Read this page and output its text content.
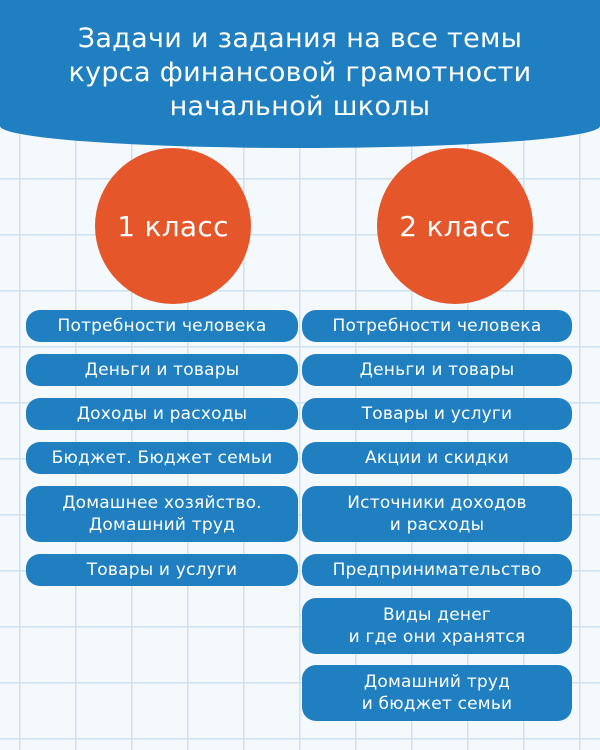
Задачи и задания на все темы
курса финансовой грамотности
начальной школы
1 класс	2 класс
Потребности человека
Деньги и товары
Доходы и расходы
Бюджет. Бюджет семьи
Домашнее хозяйство.
Домашний труд
Товары и услуги
Потребности человека
Деньги и товары
Товары и услуги
Акции и скидки
Источники доходов
и расходы
Предпринимательство
Виды денег
и где они хранятся
Домашний труд
и бюджет семьи
